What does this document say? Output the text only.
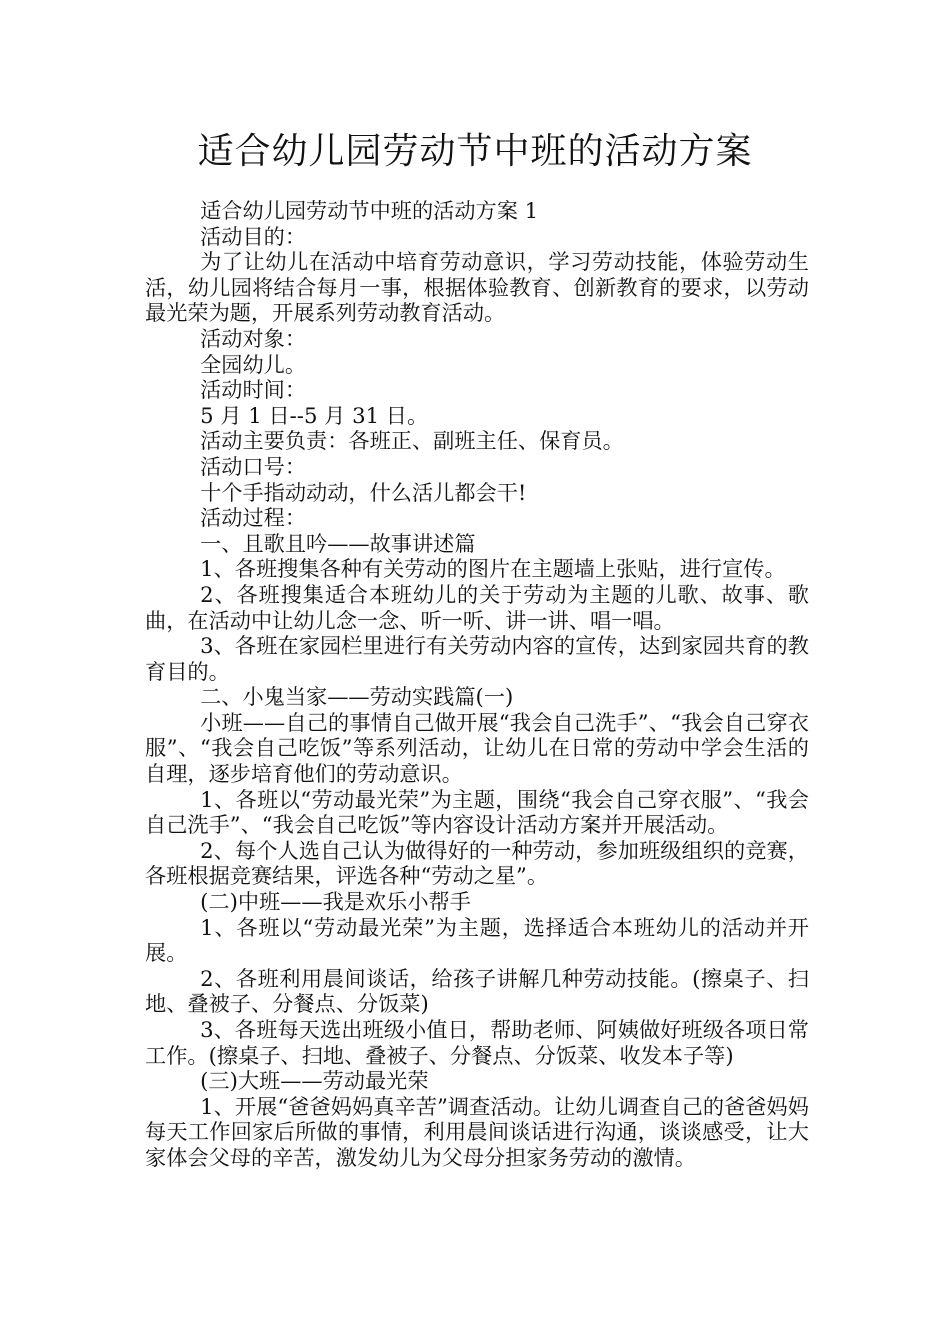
适合幼儿园劳动节中班的活动方案

适合幼儿园劳动节中班的活动方案 1

活动目的：

为了让幼儿在活动中培育劳动意识，学习劳动技能，体验劳动生活，幼儿园将结合每月一事，根据体验教育、创新教育的要求，以劳动最光荣为题，开展系列劳动教育活动。

活动对象：

全园幼儿。

活动时间：

5 月 1 日--5 月 31 日。

活动主要负责：各班正、副班主任、保育员。

活动口号：

十个手指动动动，什么活儿都会干!

活动过程：

一、且歌且吟——故事讲述篇

1、各班搜集各种有关劳动的图片在主题墙上张贴，进行宣传。

2、各班搜集适合本班幼儿的关于劳动为主题的儿歌、故事、歌曲，在活动中让幼儿念一念、听一听、讲一讲、唱一唱。

3、各班在家园栏里进行有关劳动内容的宣传，达到家园共育的教育目的。

二、小鬼当家——劳动实践篇(一)

小班——自己的事情自己做开展“我会自己洗手”、“我会自己穿衣服”、“我会自己吃饭”等系列活动，让幼儿在日常的劳动中学会生活的自理，逐步培育他们的劳动意识。

1、各班以“劳动最光荣”为主题，围绕“我会自己穿衣服”、“我会自己洗手”、“我会自己吃饭”等内容设计活动方案并开展活动。

2、每个人选自己认为做得好的一种劳动，参加班级组织的竞赛，各班根据竞赛结果，评选各种“劳动之星”。

(二)中班——我是欢乐小帮手

1、各班以“劳动最光荣”为主题，选择适合本班幼儿的活动并开展。

2、各班利用晨间谈话，给孩子讲解几种劳动技能。(擦桌子、扫地、叠被子、分餐点、分饭菜)

3、各班每天选出班级小值日，帮助老师、阿姨做好班级各项日常工作。(擦桌子、扫地、叠被子、分餐点、分饭菜、收发本子等)

(三)大班——劳动最光荣

1、开展“爸爸妈妈真辛苦”调查活动。让幼儿调查自己的爸爸妈妈每天工作回家后所做的事情，利用晨间谈话进行沟通，谈谈感受，让大家体会父母的辛苦，激发幼儿为父母分担家务劳动的激情。
